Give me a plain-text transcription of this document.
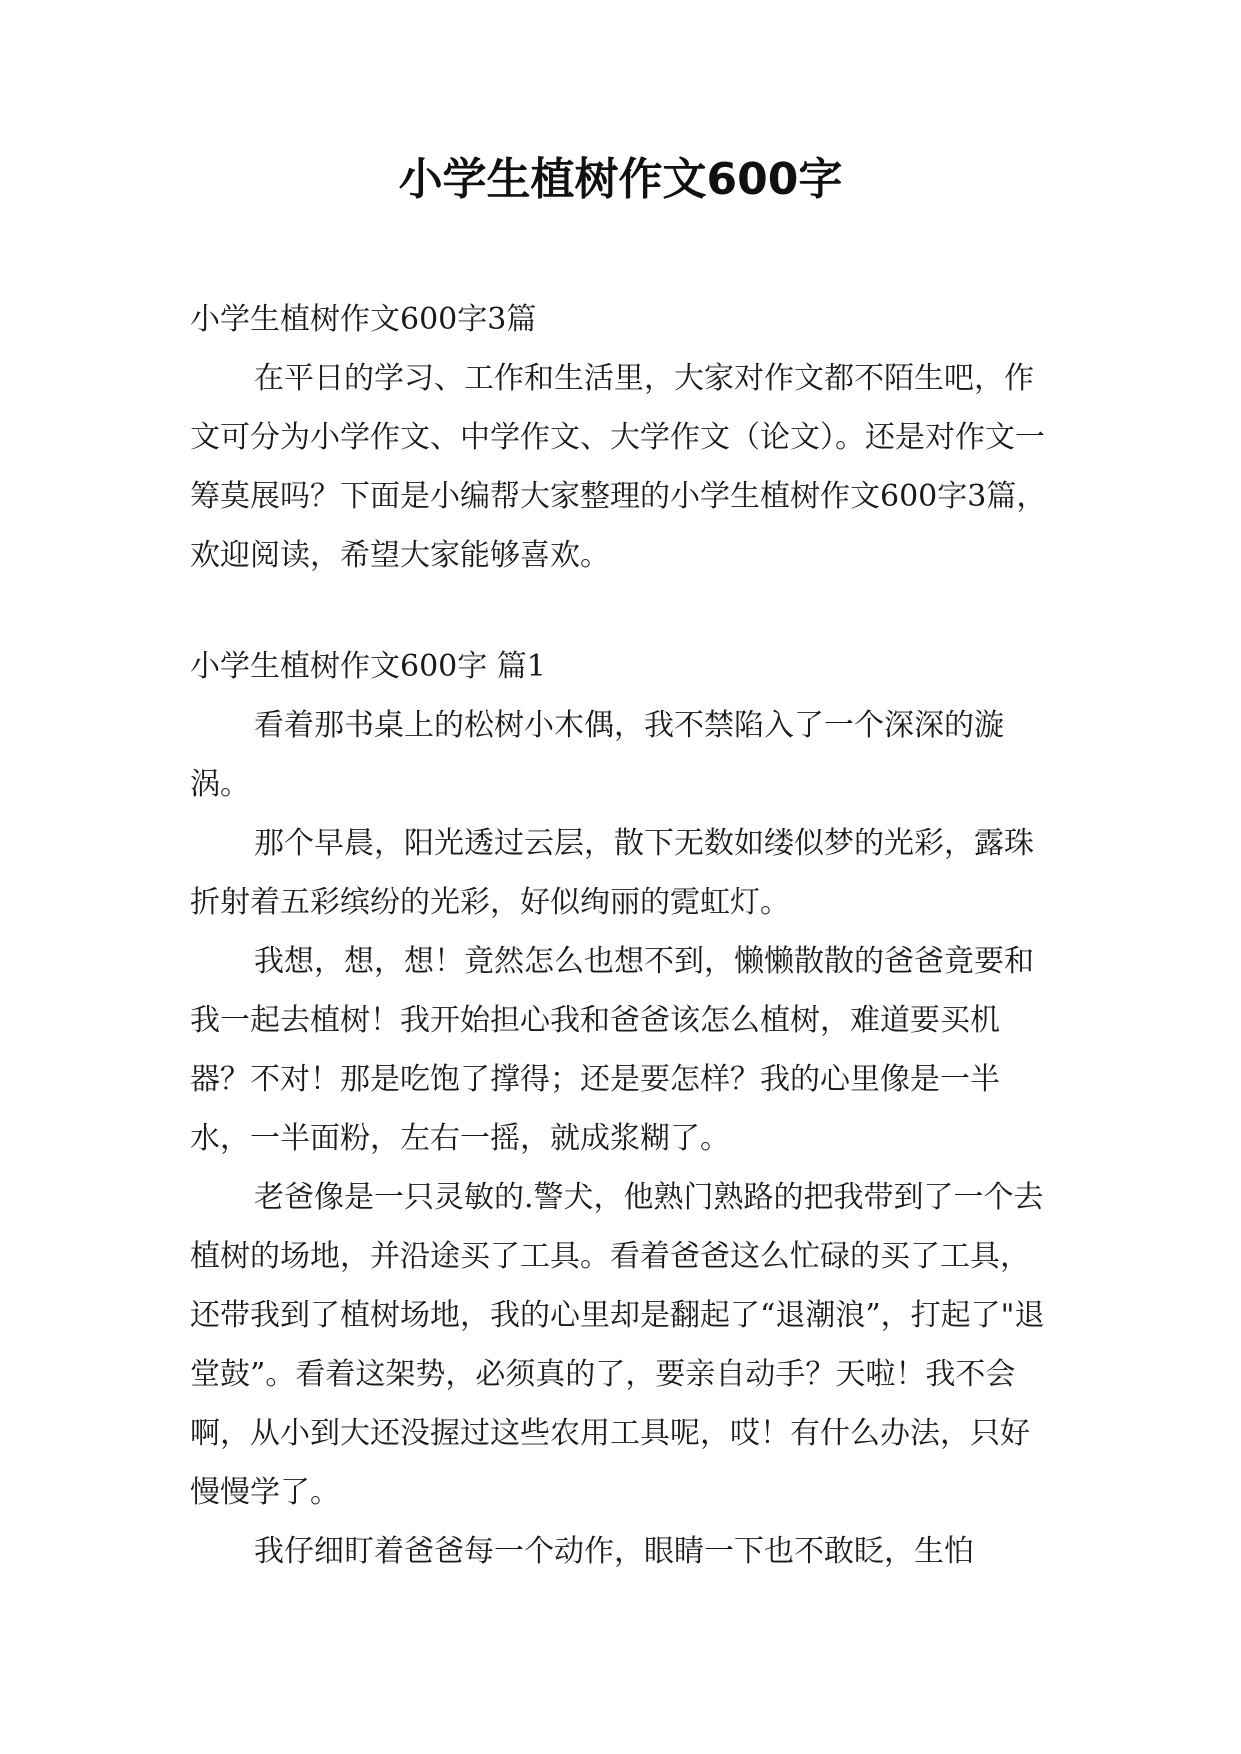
小学生植树作文600字

小学生植树作文600字3篇

在平日的学习、工作和生活里，大家对作文都不陌生吧，作文可分为小学作文、中学作文、大学作文（论文）。还是对作文一筹莫展吗？下面是小编帮大家整理的小学生植树作文600字3篇，欢迎阅读，希望大家能够喜欢。

小学生植树作文600字 篇1

看着那书桌上的松树小木偶，我不禁陷入了一个深深的漩涡。

那个早晨，阳光透过云层，散下无数如缕似梦的光彩，露珠折射着五彩缤纷的光彩，好似绚丽的霓虹灯。

我想，想，想！竟然怎么也想不到，懒懒散散的爸爸竟要和我一起去植树！我开始担心我和爸爸该怎么植树，难道要买机器？不对！那是吃饱了撑得；还是要怎样？我的心里像是一半水，一半面粉，左右一摇，就成浆糊了。

老爸像是一只灵敏的.警犬，他熟门熟路的把我带到了一个去植树的场地，并沿途买了工具。看着爸爸这么忙碌的买了工具，还带我到了植树场地，我的心里却是翻起了“退潮浪”，打起了"退堂鼓”。看着这架势，必须真的了，要亲自动手？天啦！我不会啊，从小到大还没握过这些农用工具呢，哎！有什么办法，只好慢慢学了。

我仔细盯着爸爸每一个动作，眼睛一下也不敢眨，生怕
